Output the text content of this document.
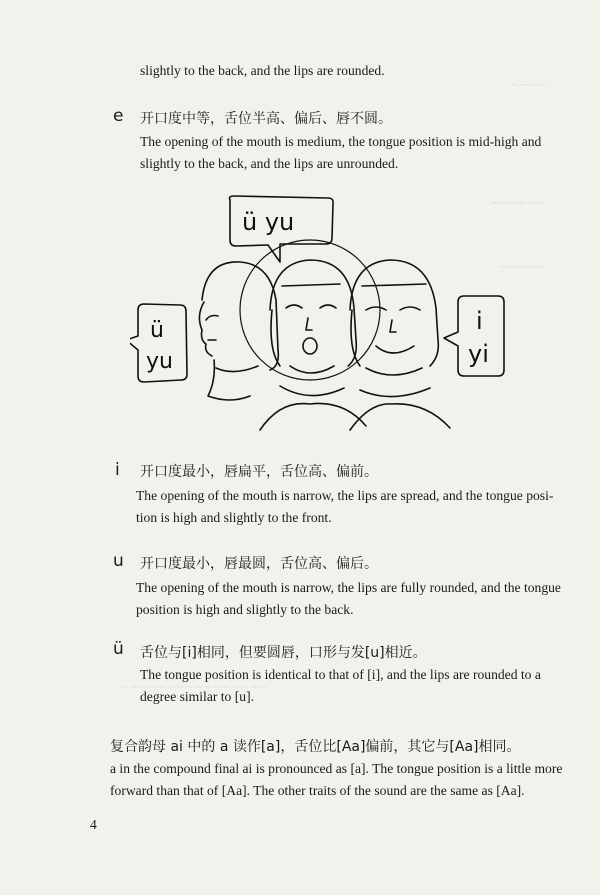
~~~~
~~~~~~
~~~~~
~~~~~~~~~~~~~~~~
slightly to the back, and the lips are rounded.
e 开口度中等，舌位半高、偏后、唇不圆。
The opening of the mouth is medium, the tongue position is mid-high and
slightly to the back, and the lips are unrounded.
ü yu
ü
yu
i
yi
i 开口度最小，唇扁平，舌位高、偏前。
The opening of the mouth is narrow, the lips are spread, and the tongue posi-
tion is high and slightly to the front.
u 开口度最小，唇最圆，舌位高、偏后。
The opening of the mouth is narrow, the lips are fully rounded, and the tongue
position is high and slightly to the back.
ü 舌位与[i]相同，但要圆唇，口形与发[u]相近。
The tongue position is identical to that of [i], and the lips are rounded to a
degree similar to [u].
复合韵母 ai 中的 a 读作[a]，舌位比[Aa]偏前，其它与[Aa]相同。
a in the compound final ai is pronounced as [a]. The tongue position is a little more
forward than that of [Aa]. The other traits of the sound are the same as [Aa].
4
